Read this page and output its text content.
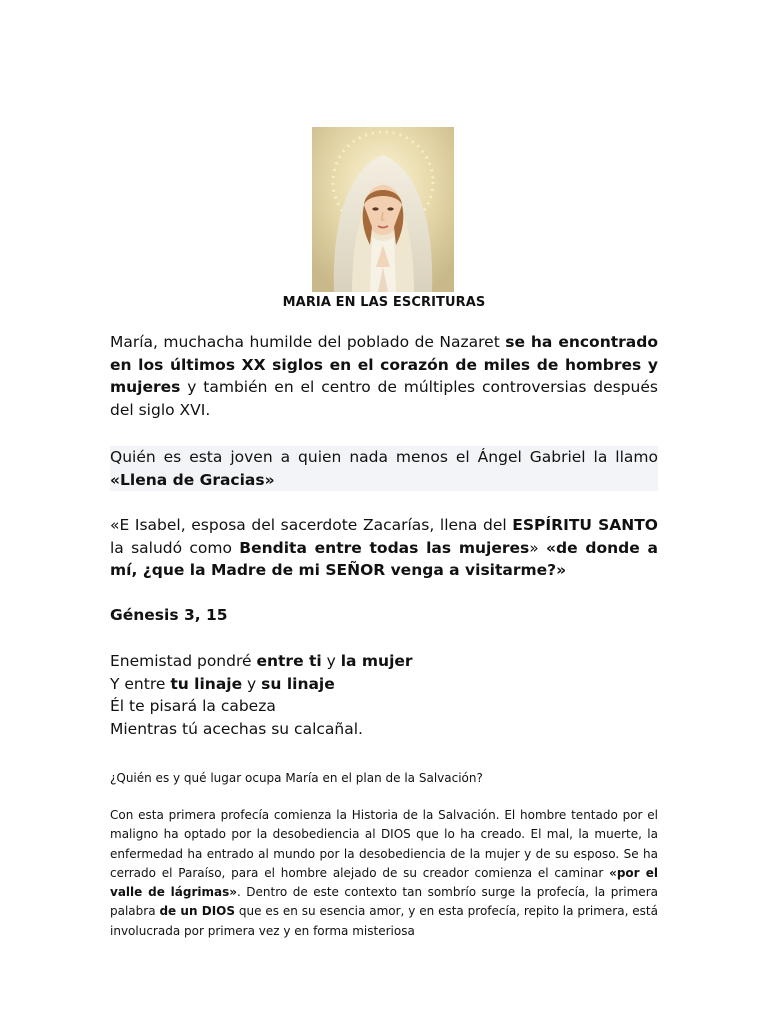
MARIA EN LAS ESCRITURAS
María, muchacha humilde del poblado de Nazaret se ha encontrado en los últimos XX siglos en el corazón de miles de hombres y mujeres y también en el centro de múltiples controversias después del siglo XVI.
Quién es esta joven a quien nada menos el Ángel Gabriel la llamo «Llena de Gracias»
«E Isabel, esposa del sacerdote Zacarías, llena del ESPÍRITU SANTO la saludó como Bendita entre todas las mujeres» «de donde a mí, ¿que la Madre de mi SEÑOR venga a visitarme?»
Génesis 3, 15
Enemistad pondré entre ti y la mujer
Y entre tu linaje y su linaje
Él te pisará la cabeza
Mientras tú acechas su calcañal.
¿Quién es y qué lugar ocupa María en el plan de la Salvación?
Con esta primera profecía comienza la Historia de la Salvación. El hombre tentado por el maligno ha optado por la desobediencia al DIOS que lo ha creado. El mal, la muerte, la enfermedad ha entrado al mundo por la desobediencia de la mujer y de su esposo. Se ha cerrado el Paraíso, para el hombre alejado de su creador comienza el caminar «por el valle de lágrimas». Dentro de este contexto tan sombrío surge la profecía, la primera palabra de un DIOS que es en su esencia amor, y en esta profecía, repito la primera, está involucrada por primera vez y en forma misteriosa
